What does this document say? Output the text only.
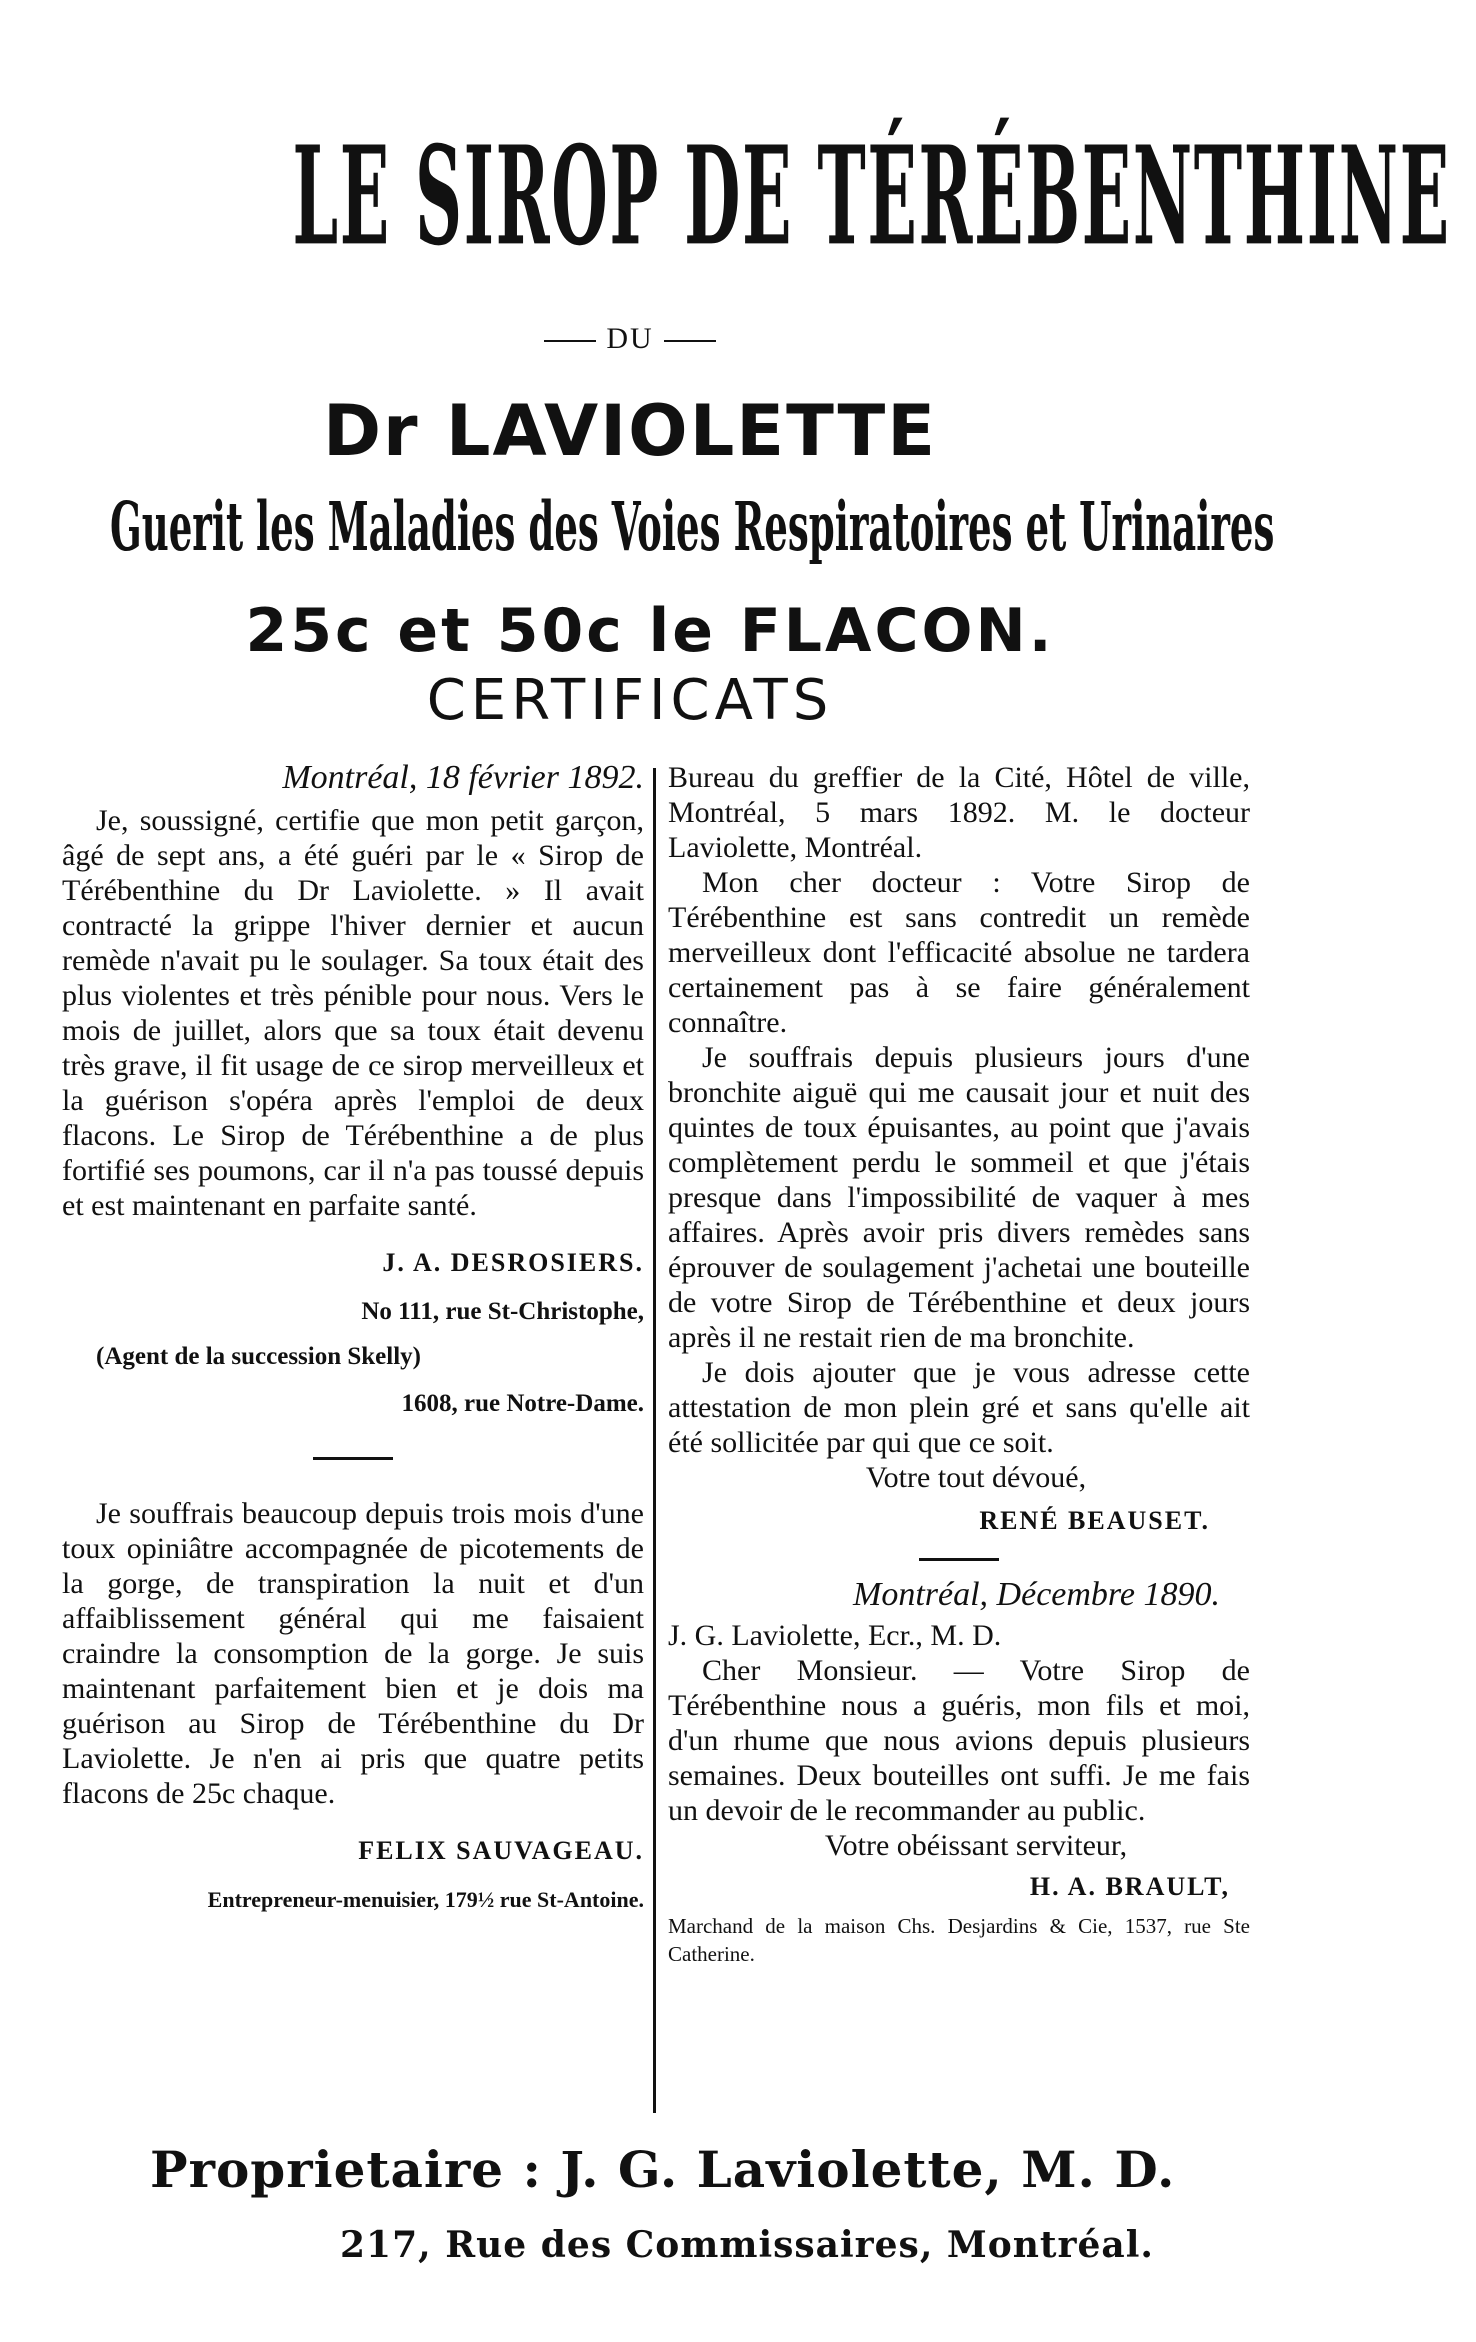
LE SIROP DE TÉRÉBENTHINE
DU
Dr LAVIOLETTE
Guerit les Maladies des Voies Respiratoires et Urinaires
25c et 50c le FLACON.
CERTIFICATS

Montréal, 18 février 1892.

Je, soussigné, certifie que mon petit garçon, âgé de sept ans, a été guéri par le « Sirop de Térébenthine du Dr Laviolette. » Il avait contracté la grippe l'hiver dernier et aucun remède n'avait pu le soulager. Sa toux était des plus violentes et très pénible pour nous. Vers le mois de juillet, alors que sa toux était devenu très grave, il fit usage de ce sirop merveilleux et la guérison s'opéra après l'emploi de deux flacons. Le Sirop de Térébenthine a de plus fortifié ses poumons, car il n'a pas toussé depuis et est maintenant en parfaite santé.

J. A. DESROSIERS.

No 111, rue St-Christophe,

(Agent de la succession Skelly)

1608, rue Notre-Dame.

Je souffrais beaucoup depuis trois mois d'une toux opiniâtre accompagnée de picotements de la gorge, de transpiration la nuit et d'un affaiblissement général qui me faisaient craindre la consomption de la gorge. Je suis maintenant parfaitement bien et je dois ma guérison au Sirop de Térébenthine du Dr Laviolette. Je n'en ai pris que quatre petits flacons de 25c chaque.

FELIX SAUVAGEAU.

Entrepreneur-menuisier, 179½ rue St-Antoine.

Bureau du greffier de la Cité, Hôtel de ville, Montréal, 5 mars 1892. M. le docteur Laviolette, Montréal.

Mon cher docteur : Votre Sirop de Térébenthine est sans contredit un remède merveilleux dont l'efficacité absolue ne tardera certainement pas à se faire généralement connaître.

Je souffrais depuis plusieurs jours d'une bronchite aiguë qui me causait jour et nuit des quintes de toux épuisantes, au point que j'avais complètement perdu le sommeil et que j'étais presque dans l'impossibilité de vaquer à mes affaires. Après avoir pris divers remèdes sans éprouver de soulagement j'achetai une bouteille de votre Sirop de Térébenthine et deux jours après il ne restait rien de ma bronchite.

Je dois ajouter que je vous adresse cette attestation de mon plein gré et sans qu'elle ait été sollicitée par qui que ce soit.

Votre tout dévoué,

RENÉ BEAUSET.

Montréal, Décembre 1890.

J. G. Laviolette, Ecr., M. D.

Cher Monsieur. — Votre Sirop de Térébenthine nous a guéris, mon fils et moi, d'un rhume que nous avions depuis plusieurs semaines. Deux bouteilles ont suffi. Je me fais un devoir de le recommander au public.

Votre obéissant serviteur,

H. A. BRAULT,

Marchand de la maison Chs. Desjardins & Cie, 1537, rue Ste Catherine.

Proprietaire : J. G. Laviolette, M. D.
217, Rue des Commissaires, Montréal.
